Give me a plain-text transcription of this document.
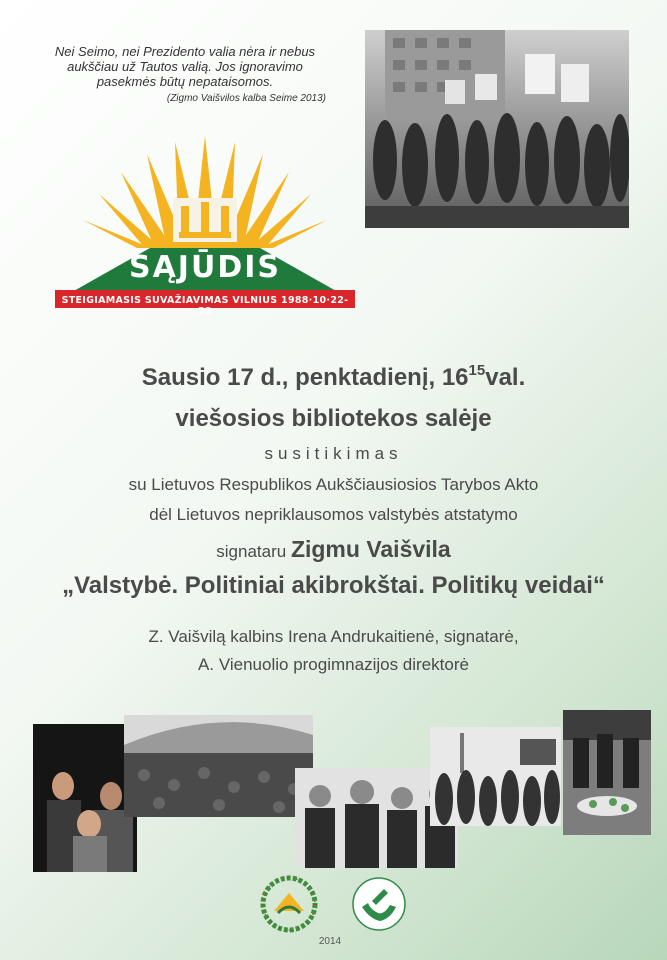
Nei Seimo, nei Prezidento valia nėra ir nebus aukščiau už Tautos valią. Jos ignoravimo pasekmės būtų nepataisomos.
(Zigmo Vaišvilos kalba Seime 2013)
SĄJŪDIS
STEIGIAMASIS SUVAŽIAVIMAS VILNIUS 1988·10·22-23
Sausio 17 d., penktadienį, $16^{15}val$.
viešosios bibliotekos salėje
susitikimas
su Lietuvos Respublikos Aukščiausiosios Tarybos Akto
dėl Lietuvos nepriklausomos valstybės atstatymo
signataru Zigmu Vaišvila
„Valstybė. Politiniai akibrokštai. Politikų veidai“
Z. Vaišvilą kalbins Irena Andrukaitienė, signatarė,
A. Vienuolio progimnazijos direktorė
2014
